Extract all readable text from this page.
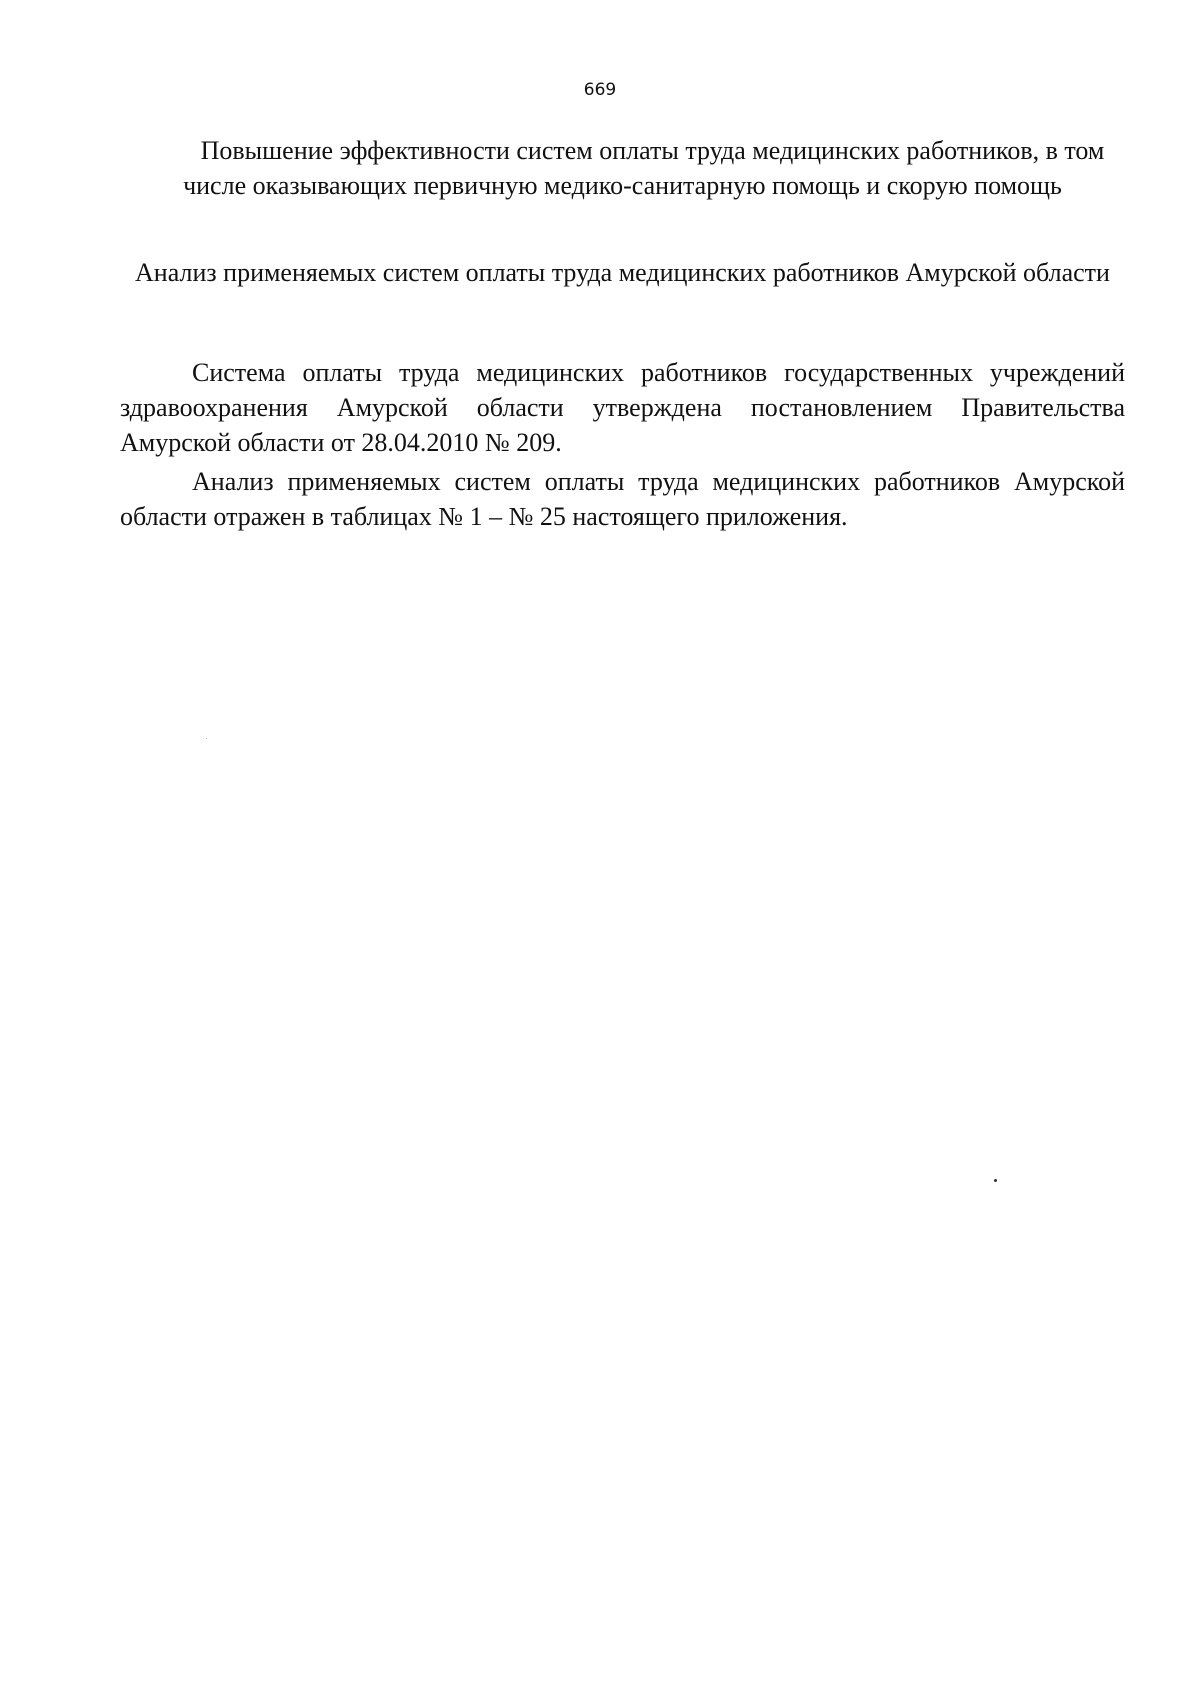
669
Повышение эффективности систем оплаты труда медицинских работников, в том числе оказывающих первичную медико-санитарную помощь и скорую помощь
Анализ применяемых систем оплаты труда медицинских работников Амурской области

Система оплаты труда медицинских работников государственных учреждений здравоохранения Амурской области утверждена постановлением Правительства Амурской области от 28.04.2010 № 209.

Анализ применяемых систем оплаты труда медицинских работников Амурской области отражен в таблицах № 1 – № 25 настоящего приложения.
